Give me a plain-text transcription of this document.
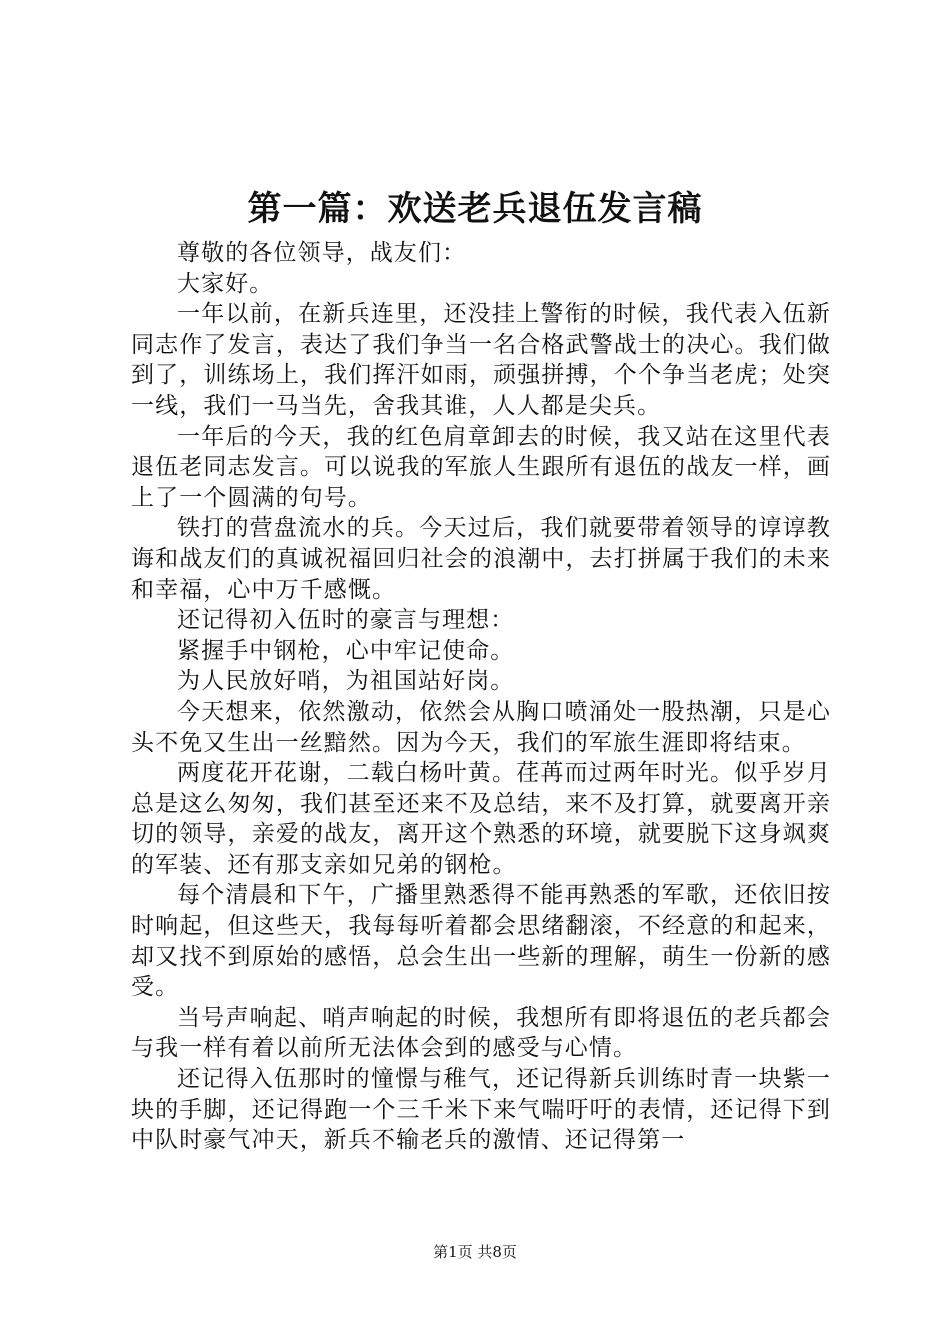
第一篇：欢送老兵退伍发言稿

尊敬的各位领导，战友们：

大家好。

一年以前，在新兵连里，还没挂上警衔的时候，我代表入伍新同志作了发言，表达了我们争当一名合格武警战士的决心。我们做到了，训练场上，我们挥汗如雨，顽强拼搏，个个争当老虎；处突一线，我们一马当先，舍我其谁，人人都是尖兵。

一年后的今天，我的红色肩章卸去的时候，我又站在这里代表退伍老同志发言。可以说我的军旅人生跟所有退伍的战友一样，画上了一个圆满的句号。

铁打的营盘流水的兵。今天过后，我们就要带着领导的谆谆教诲和战友们的真诚祝福回归社会的浪潮中，去打拼属于我们的未来和幸福，心中万千感慨。

还记得初入伍时的豪言与理想：

紧握手中钢枪，心中牢记使命。

为人民放好哨，为祖国站好岗。

今天想来，依然激动，依然会从胸口喷涌处一股热潮，只是心头不免又生出一丝黯然。因为今天，我们的军旅生涯即将结束。

两度花开花谢，二载白杨叶黄。荏苒而过两年时光。似乎岁月总是这么匆匆，我们甚至还来不及总结，来不及打算，就要离开亲切的领导，亲爱的战友，离开这个熟悉的环境，就要脱下这身飒爽的军装、还有那支亲如兄弟的钢枪。

每个清晨和下午，广播里熟悉得不能再熟悉的军歌，还依旧按时响起，但这些天，我每每听着都会思绪翻滚，不经意的和起来，却又找不到原始的感悟，总会生出一些新的理解，萌生一份新的感受。

当号声响起、哨声响起的时候，我想所有即将退伍的老兵都会与我一样有着以前所无法体会到的感受与心情。

还记得入伍那时的憧憬与稚气，还记得新兵训练时青一块紫一块的手脚，还记得跑一个三千米下来气喘吁吁的表情，还记得下到中队时豪气冲天，新兵不输老兵的激情、还记得第一

第1页 共8页
